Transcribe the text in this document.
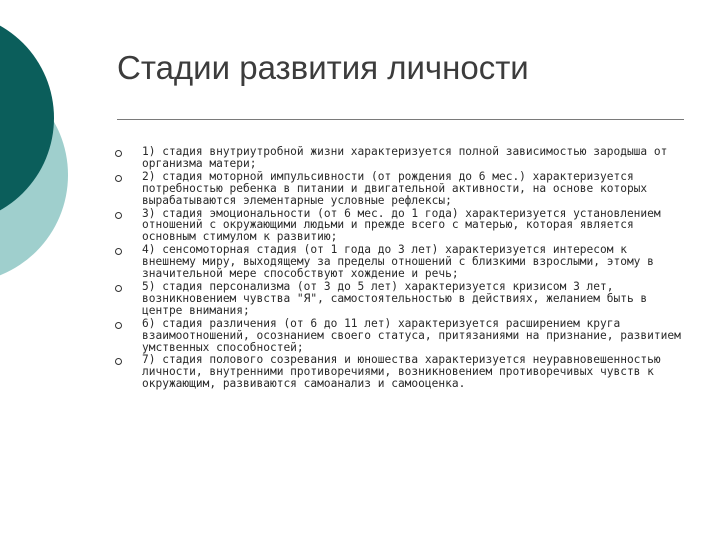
Стадии развития личности
1) стадия внутриутробной жизни характеризуется полной зависимостью зародыша от организма матери;
2) стадия моторной импульсивности (от рождения до 6 мес.) характеризуется потребностью ребенка в питании и двигательной активности, на основе которых вырабатываются элементарные условные рефлексы;
3) стадия эмоциональности (от 6 мес. до 1 года) характеризуется установлением отношений с окружающими людьми и прежде всего с матерью, которая является основным стимулом к развитию;
4) сенсомоторная стадия (от 1 года до 3 лет) характеризуется интересом к внешнему миру, выходящему за пределы отношений с близкими взрослыми, этому в значительной мере способствуют хождение и речь;
5) стадия персонализма (от 3 до 5 лет) характеризуется кризисом 3 лет, возникновением чувства "Я", самостоятельностью в действиях, желанием быть в центре внимания;
6) стадия различения (от 6 до 11 лет) характеризуется расширением круга взаимоотношений, осознанием своего статуса, притязаниями на признание, развитием умственных способностей;
7) стадия полового созревания и юношества характеризуется неуравновешенностью личности, внутренними противоречиями, возникновением противоречивых чувств к окружающим, развиваются самоанализ и самооценка.
